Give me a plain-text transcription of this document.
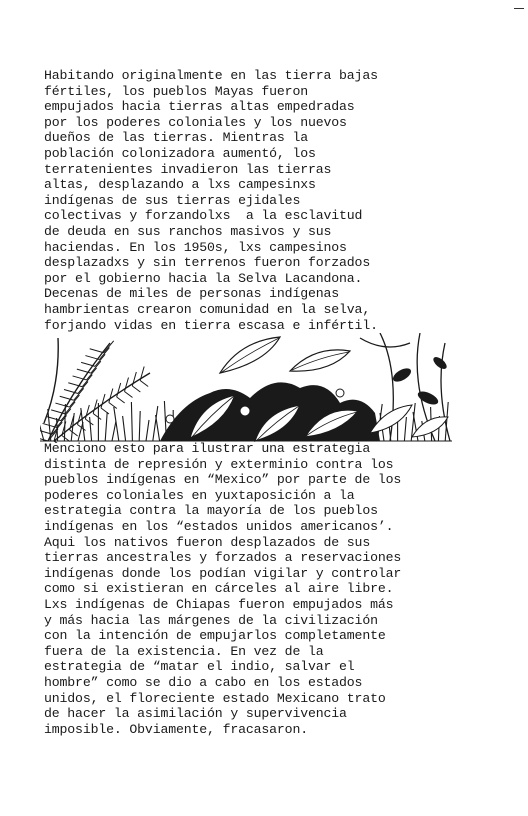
Habitando originalmente en las tierra bajas
fértiles, los pueblos Mayas fueron
empujados hacia tierras altas empedradas
por los poderes coloniales y los nuevos
dueños de las tierras. Mientras la
población colonizadora aumentó, los
terratenientes invadieron las tierras
altas, desplazando a lxs campesinxs
indígenas de sus tierras ejidales
colectivas y forzandolxs  a la esclavitud
de deuda en sus ranchos masivos y sus
haciendas. En los 1950s, lxs campesinos
desplazadxs y sin terrenos fueron forzados
por el gobierno hacia la Selva Lacandona.
Decenas de miles de personas indígenas
hambrientas crearon comunidad en la selva,
forjando vidas en tierra escasa e infértil.
Menciono esto para ilustrar una estrategia
distinta de represión y exterminio contra los
pueblos indígenas en “Mexico” por parte de los
poderes coloniales en yuxtaposición a la
estrategia contra la mayoría de los pueblos
indígenas en los “estados unidos americanos’.
Aqui los nativos fueron desplazados de sus
tierras ancestrales y forzados a reservaciones
indígenas donde los podían vigilar y controlar
como si existieran en cárceles al aire libre.
Lxs indígenas de Chiapas fueron empujados más
y más hacia las márgenes de la civilización
con la intención de empujarlos completamente
fuera de la existencia. En vez de la
estrategia de “matar el indio, salvar el
hombre” como se dio a cabo en los estados
unidos, el floreciente estado Mexicano trato
de hacer la asimilación y supervivencia
imposible. Obviamente, fracasaron.
